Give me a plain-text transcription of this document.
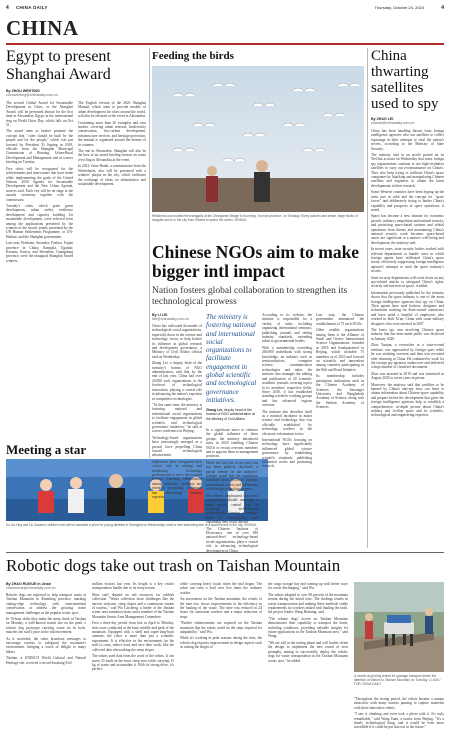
4 CHINA DAILY	Thursday, October 24, 2024	4
CHINA
Egypt to present Shanghai Award
By ZHOU WENTING
zhouwenting@chinadaily.com.cn

The second Global Award for Sustainable Development in Cities, or the Shanghai Award, will be presented abroad for the first time in Alexandria, Egypt, in the international ring on World Cities Day, which falls on Oct 31.

The award aims to further promote the concept that "cities should be built by the people and for the people," which was put forward by President Xi Jinping in 2019, officials from the Shanghai Municipal Commission of Housing, Urban-Rural Development and Management said at a news briefing on Tuesday.

Five cities will be recognized for the achievements and innovations that have made while implementing the goals of the United Nations 2030 Agenda for Sustainable Development and the New Urban Agenda, sources said. Each city will be on stage at the awards ceremony together with the commission.

Tuesday's cities, which prize green development, urban safety, resilience development and capacity building for sustainable development, were selected from among the applications presented by the winners of the award, jointly presented by the UN Human Settlements Programme, or UN-Habitat, and the Shanghai government.

Last year, Brisbane, Australia; Fuzhou, Fujian province in China; Kampala, Uganda; Kisumu, Kenya; and Shenzhen, Guangdong province, were the inaugural Shanghai Award winners.

The English version of the 2023 Shanghai Manual, which aims to provide models of urban development for cities around the world, will also be released at the event in Alexandria.

Containing more than 20 examples and case studies, covering urban renewal, biodiversity conservation, low-carbon development, infrastructure services, and heritage protection, the manual is organized around the themes of its winners.

The one in Alexandria, Shanghai will also be the host of an award briefing session on waste recycling in Alexandria at the event.

In 2023, Gene Hudai, a commissioner from the Netherlands, also will be presented with a winners' plaque in the city, which facilitates the exchange of ideas on urbanization and sustainable development.

Meeting a star
Xu Jia Ying and Liu Xiaomei, children who will be awarded a prize for young athletes in Shanghai on Wednesday, meet a new swimming star at a sports event in the city. XINHUA
Feeding the birds
Residents and tourists feed seagulls at the Zhongshan Bridge in Kunming, Yunnan province, on Tuesday. Every autumn and winter, large flocks of seagulls arrive in the city from Siberia to spend the winter. XINHUA
Chinese NGOs aim to make bigger intl impact
Nation fosters global collaboration to strengthen its technological prowess
By LI LEI
lilei@chinadaily.com.cn

China has cultivated thousands of technological social organizations, especially those in the science and technology sector, to help bolster its influence in global research and development governance, a Ministry of Civil Affairs official said on Wednesday.

Zhang Lei, a deputy head of the ministry's bureau of NGO administration, said that by the end of last year, China had over 24,000 such organizations at the forefront of technological innovation, playing a crucial role in advancing the nation's expertise in competitive technologies.

"At this same time, the ministry is fostering national and international social organizations to facilitate engagement in global scientific and technological governance initiatives," he said at a news conference in Beijing.

Technology-based organizations have increasingly emerged as a pivotal force propelling China toward technological advancement.

Authorities have recognized their crucial role in uniting and mobilizing technology professionals to serve the national interest, fostering collaboration among industries, academia and research, promoting exchanges and showcasing industry expertise.

The ministry is fostering national and international social organizations to facilitate engagement in global scientific and technological governance initiatives.
Zhang Lei, deputy head of the bureau of NGO administration at the Ministry of Civil Affairs

In a significant move to enhance the global influence of these groups, the ministry introduced rules in 2020 enabling Chinese NGOs to recruit overseas members and to appoint them to management positions.

While the full text of the rules has not been publicly disclosed, a partial release on the ministry's website stated that the regulations mandated these NGOs to organize international events and collaborate with foreign technology experts.

The release emphasized that these organizations should undertake a more active, central role in fostering technological professionals, forming a stronger sense of sustainability, and expanding their reach abroad.

The Chinese Institute of Electronics, one of over 500 national-level technology-based social organizations, plays a crucial role in advancing technological development in China.

According to its website, the institute is responsible for a variety of tasks, including organizing international seminars, publishing journals and setting industry standards, extending talent to governmental bodies.

With a membership exceeding 200,000 individuals with strong knowledge, an industry such as semiconductors, computer science, communication technologies and radar, the institute also manages the editing and publication of 20 scientific academic journals covering topics in its members' respective fields. Since 2016, it has established standing scientific working groups and has advanced regions overseas.

The institute also describes itself as a national incubator in major science and technology that was officially established by technology workers in the electronic information sector.

International NGOs focusing on technology have significantly influenced global science governance by establishing scientific standards, publishing influential works and promoting research.

Last year, the Chinese government announced the establishment of 75 such NGOs.

Other notable organizations among them is the Alliance of Saudi and Greece International Science Organizations, founded in 2018 and headquartered in Beijing, which included 75 members as of 2023 and focused on scientific and innovation among countries participating in the Belt and Road Initiative.

Its membership includes prestigious institutions such as the Chinese Academy of Sciences, the Stavanger University and Bangladesh Academy of Science, along with the Serbian Academy of Sciences.

China thwarting satellites used to spy
By ZHAO LEI
zhaolei@chinadaily.com.cn

China has been handling threats from foreign intelligence agencies who use satellites to collect espionage in their attempts to steal the nation's secrets, according to the Ministry of State Security.

The ministry said in an article posted on its WeChat account on Wednesday that some foreign spy organizations continue to use high-resolution satellites to carry out reconnaissance on China's. They also keep trying to infiltrate China's space companies by hijacking and manipulating Chinese satellites and engineers to obtain the latest developments in their research.

Some Western countries have been hyping up the arms race in orbit and the concept for "space forces" and deliberately trying to hinder China's capability and prospects in space operations, it noted.

Space has become a new domain for economic growth, military competition and national security, and protecting space-based systems and orbital operations from threats and maintaining China's national security work becomes space-based assets are significant to a nation's well-being and development, the ministry said.

In recent years, state security bodies worked with relevant departments to handle cases in which foreign agents have infiltrated China's space sector, effectively suppressing foreign intelligence agencies' attempts to steal the space industry's secrets.

State security departments will crack down on any spy-related attacks to safeguard China's rights, security and interests in space, it added.

Information previously published by the ministry shows that the space industry is one of the areas foreign intelligence agencies that spy on China. Their agents have used hackers, designers and technicians working for State-owned contractors and have spied a handful of employees who worked in both Xi'an, China with some military designers who were arrested in 2007.

The latest spy case involving Chinese space industry that has been made public was disclosed in January 2020.

Zhao Yunjun, a researcher at a state-owned institute, was approached by foreign spies while he was studying overseas and then was recruited after returning to China. He continued to work for the foreign spy agencies undercover and delivered a large number of classified documents.

Zhao was arrested in 2019 and was sentenced in August 2020 to seven years in prison.

Moreover, the ministry said that satellites to be banned by China's anti-spy laws can learn to obtain information about Chinese space capability and prepare before the development that gives the foreign intelligence agencies help to establish a comprehensive, in-depth picture about China's military and civilian space and its scientific, technological and engineering expertise.

Robotic dogs take out trash on Taishan Mountain
By ZHAO RUIXUE in Jinan
zhaoruixue@chinadaily.com.cn

Robotic dogs are expected to help transport waste at Taishan Mountain in Shandong province, marking cutting-edge technology with environmental conservation at address the growing waste management challenges at the popular scenic spot.

In 10-hour shifts they make the steep climb of Taishan on Monday, a well-known tourist site on the peak, a robotic dog prototype carrying waste on its back, matches the staff's pace in the trial movement.

As it ascended, the robot broadcast messages to encourage tourists to safeguard the mountain's environment, bringing a touch of delight to many hikers.

Taishan, a UNESCO World Cultural and Natural Heritage site, received a record-breaking 8.62

million visitors last year. Its height is a key visitor transportation hurdle due to its steep terrain.

Most staff depend on rail resources for rubbish collection. "Waste collection faces challenges like the narrow staircase, steep slopes and a continuous stream of tourists," said Wu Caicheng, a leader of the Jinshan scenic area sanitation team, and a member of the Taishan Mountain Scenic Area Management Committee.

First a three-day period from late in April to Monday, tests were conducted at the base, middle and peak of the mountain. Equipped with a shell and super-long-back cameras, the robot is more than just a scientific experiment. It is effective in the environment for the staff to carry, reduce load, and save their work, like the collected data when taking the steep slopes.

The robots used data from the work of the robots. It can move 25 km/h in the most steep area while carrying 15 kg of waste and accumulate it. With its strong drive, it's perfect.

while carrying heavy loads when the trial began. The robot can carry a load over five times the ordinary worker.

An assessment on the Taishan mountain, the results of the nine test, shows improvements in the efficiency in the hauling of the waste. The time was reduced in 24 hours for sanitation workers and a major reduction of steps.

"Further enhancements are required on the Taishan mountain that the robots could do the steps required for adaptability," said Wu.

While it's working in peak seasons during the tests, the robotic dog requires improvement in design aspects such as raising the height of

the cargo storage bay and coming up with better ways for waste discharging," said Wu.

The robots adapted to over 90 percent of the mountain terrain during the initial tests. The findings results in waste transportation and making these methods viable replacements for workers tasked with hauling the trash, the project leader, Wang Haiming, said.

"The robotic dogs' accent on Taishan Mountain demonstrates their capability to transport the loads, including conditions, providing valuable insights for future applications in the Taishan Mountain area," said Wang.

"We are still in the testing phase and will further refine the design to implement the new round of tests promptly, aiming to successfully deploy the robotic dogs for waste transportation in the Taishan Mountain scenic area," he added.

A robotic dog being tested for garbage transport drives the attention of visitors to Taishan Mountain on Tuesday. LI JUN / FOR CHINA DAILY

"Throughout the testing period, the robots became a unique attraction, with many tourists pausing to capture moments with these innovative robots.

"I saw it climbing and even took a photo with it. It's truly remarkable," said Wang Yuan, a tourist from Beijing. "It's a timely technological thing, and it would be even more incredible if it could be put into use in the future."
